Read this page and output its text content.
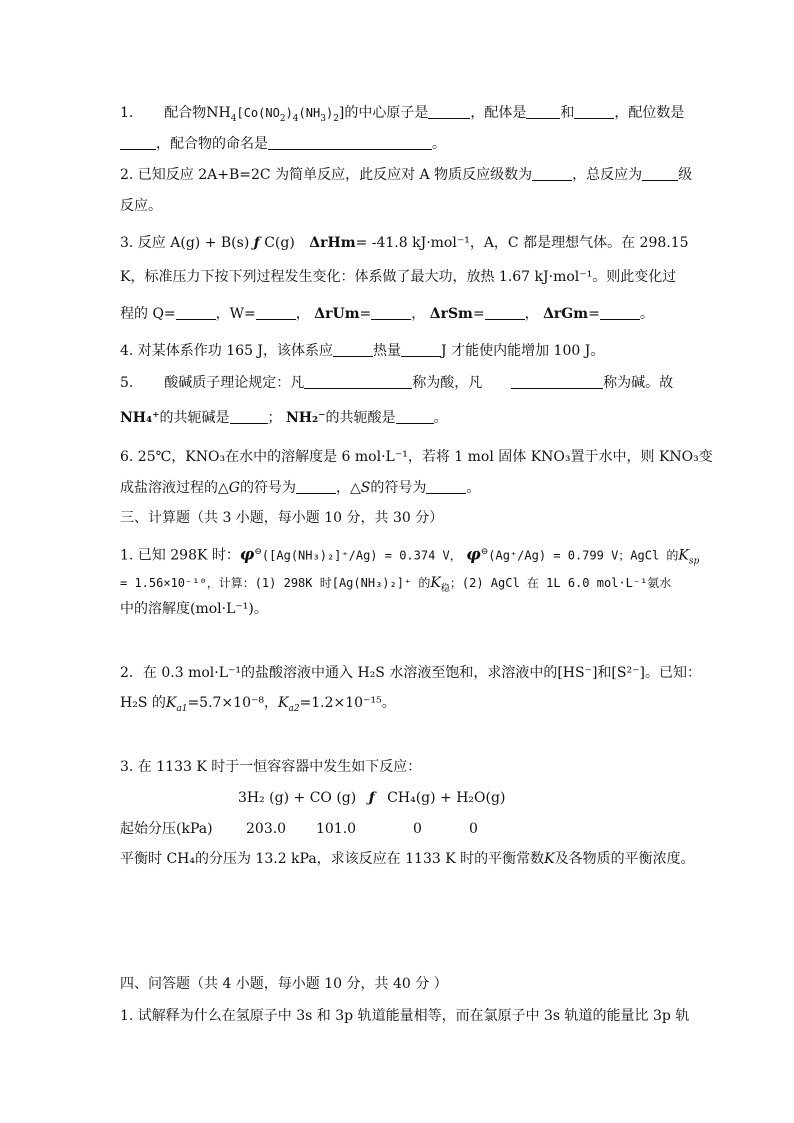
1. 配合物$NH_4[Co(NO_2)_4(NH_3)_2]$的中心原子是	，配体是 和	，配位数是
，配合物的命名是	。
2. 已知反应 2A+B=2C 为简单反应，此反应对 A 物质反应级数为	，总反应为	级
反应。
3. 反应 A(g) + B(s) ƒ C(g) ΔrHm= -41.8 kJ·mol⁻¹，A，C 都是理想气体。在 298.15
K，标准压力下按下列过程发生变化：体系做了最大功，放热 1.67 kJ·mol⁻¹。则此变化过
程的 Q=	，W=	， ΔrUm=	， ΔrSm=	， ΔrGm=	。
4. 对某体系作功 165 J，该体系应	热量	J 才能使内能增加 100 J。
5. 酸碱质子理论规定：凡	称为酸，凡	称为碱。故
NH₄⁺的共轭碱是	； NH₂⁻的共轭酸是	。
6. 25℃，KNO₃在水中的溶解度是 6 mol·L⁻¹，若将 1 mol 固体 KNO₃置于水中，则 KNO₃变
成盐溶液过程的△G的符号为	，△S的符号为	。
三、计算题（共 3 小题，每小题 10 分，共 30 分）
1. 已知 298K 时：φ⊖([Ag(NH₃)₂]⁺/Ag) = 0.374 V， φ⊖(Ag⁺/Ag) = 0.799 V；AgCl 的$K_{sp}$
= 1.56×10⁻¹⁰，计算：(1) 298K 时[Ag(NH₃)₂]⁺ 的$K_稳$；(2) AgCl 在 1L 6.0 mol·L⁻¹氨水
中的溶解度(mol·L⁻¹)。
2．在 0.3 mol·L⁻¹的盐酸溶液中通入 H₂S 水溶液至饱和，求溶液中的[HS⁻]和[S²⁻]。已知：
H₂S 的$K_{a1}=5.7\times 10^{-8}$，$K_{a2}=1.2\times 10^{-15}$。
3. 在 1133 K 时于一恒容容器中发生如下反应：
3H₂ (g) + CO (g) ƒ CH₄(g) + H₂O(g)
起始分压(kPa) 203.0 101.0	0	0
平衡时 CH₄的分压为 13.2 kPa，求该反应在 1133 K 时的平衡常数K及各物质的平衡浓度。
四、问答题（共 4 小题，每小题 10 分，共 40 分 ）
1. 试解释为什么在氢原子中 3s 和 3p 轨道能量相等，而在氯原子中 3s 轨道的能量比 3p 轨
